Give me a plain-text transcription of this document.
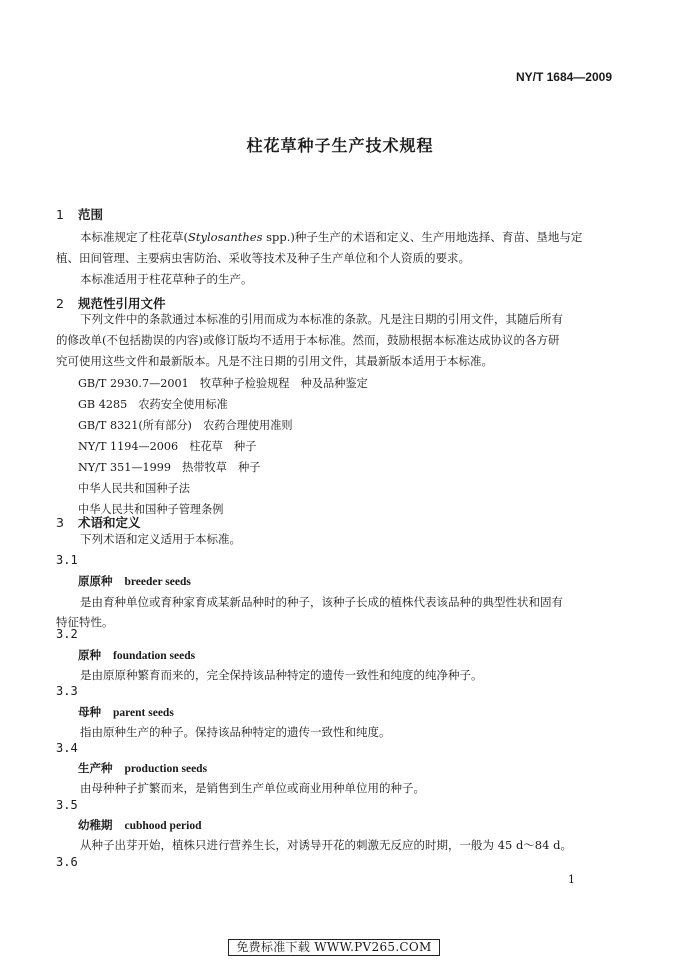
NY/T 1684—2009
柱花草种子生产技术规程
1 范围

本标准规定了柱花草(Stylosanthes spp.)种子生产的术语和定义、生产用地选择、育苗、垦地与定

植、田间管理、主要病虫害防治、采收等技术及种子生产单位和个人资质的要求。

本标准适用于柱花草种子的生产。

2 规范性引用文件

下列文件中的条款通过本标准的引用而成为本标准的条款。凡是注日期的引用文件，其随后所有

的修改单(不包括勘误的内容)或修订版均不适用于本标准。然而，鼓励根据本标准达成协议的各方研

究可使用这些文件和最新版本。凡是不注日期的引用文件，其最新版本适用于本标准。

GB/T 2930.7—2001　牧草种子检验规程　种及品种鉴定
GB 4285　农药安全使用标准
GB/T 8321(所有部分)　农药合理使用准则
NY/T 1194—2006　柱花草　种子
NY/T 351—1999　热带牧草　种子
中华人民共和国种子法
中华人民共和国种子管理条例
3 术语和定义
下列术语和定义适用于本标准。
3.1
原原种 breeder seeds
是由育种单位或育种家育成某新品种时的种子，该种子长成的植株代表该品种的典型性状和固有
特征特性。
3.2
原种 foundation seeds
是由原原种繁育而来的，完全保持该品种特定的遗传一致性和纯度的纯净种子。
3.3
母种 parent seeds
指由原种生产的种子。保持该品种特定的遗传一致性和纯度。
3.4
生产种 production seeds
由母种种子扩繁而来，是销售到生产单位或商业用种单位用的种子。
3.5
幼稚期 cubhood period
从种子出芽开始，植株只进行营养生长，对诱导开花的刺激无反应的时期，一般为 45 d～84 d。
3.6
1
免费标准下载 WWW.PV265.COM
